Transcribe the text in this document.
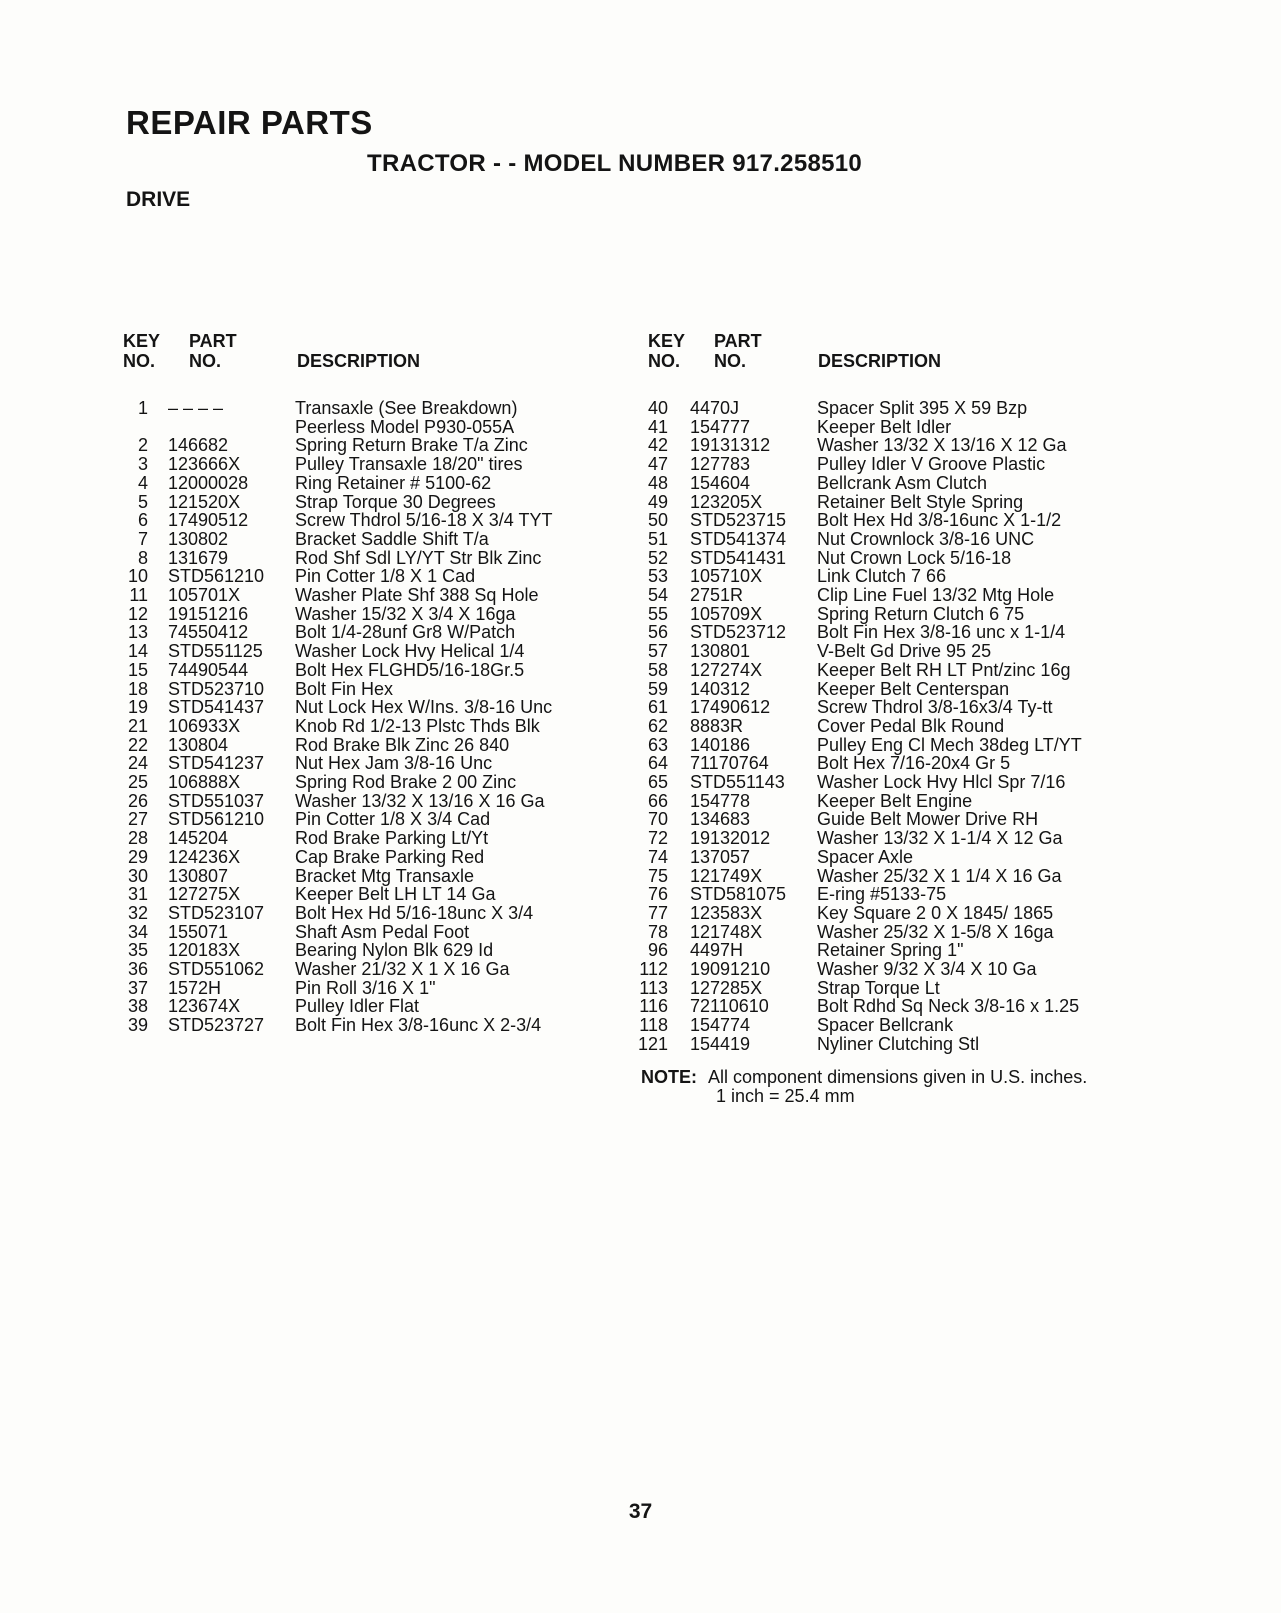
REPAIR PARTS
TRACTOR - - MODEL NUMBER 917.258510
DRIVE
KEY
NO.
PART
NO.	DESCRIPTION
KEY
NO.
PART
NO.	DESCRIPTION
1 – – – –	Transaxle (See Breakdown)
Peerless Model P930-055A
2 146682	Spring Return Brake T/a Zinc
3 123666X	Pulley Transaxle 18/20" tires
4 12000028	Ring Retainer # 5100-62
5 121520X	Strap Torque 30 Degrees
6 17490512	Screw Thdrol 5/16-18 X 3/4 TYT
7 130802	Bracket Saddle Shift T/a
8 131679	Rod Shf Sdl LY/YT Str Blk Zinc
10 STD561210 Pin Cotter 1/8 X 1 Cad
11 105701X	Washer Plate Shf 388 Sq Hole
12 19151216	Washer 15/32 X 3/4 X 16ga
13 74550412	Bolt 1/4-28unf Gr8 W/Patch
14 STD551125 Washer Lock Hvy Helical 1/4
15 74490544	Bolt Hex FLGHD5/16-18Gr.5
18 STD523710 Bolt Fin Hex
19 STD541437 Nut Lock Hex W/Ins. 3/8-16 Unc
21 106933X	Knob Rd 1/2-13 Plstc Thds Blk
22 130804	Rod Brake Blk Zinc 26 840
24 STD541237 Nut Hex Jam 3/8-16 Unc
25 106888X	Spring Rod Brake 2 00 Zinc
26 STD551037 Washer 13/32 X 13/16 X 16 Ga
27 STD561210 Pin Cotter 1/8 X 3/4 Cad
28 145204	Rod Brake Parking Lt/Yt
29 124236X	Cap Brake Parking Red
30 130807	Bracket Mtg Transaxle
31 127275X	Keeper Belt LH LT 14 Ga
32 STD523107 Bolt Hex Hd 5/16-18unc X 3/4
34 155071	Shaft Asm Pedal Foot
35 120183X	Bearing Nylon Blk 629 Id
36 STD551062 Washer 21/32 X 1 X 16 Ga
37 1572H	Pin Roll 3/16 X 1"
38 123674X	Pulley Idler Flat
39 STD523727 Bolt Fin Hex 3/8-16unc X 2-3/4
40 4470J	Spacer Split 395 X 59 Bzp
41 154777	Keeper Belt Idler
42 19131312	Washer 13/32 X 13/16 X 12 Ga
47 127783	Pulley Idler V Groove Plastic
48 154604	Bellcrank Asm Clutch
49 123205X	Retainer Belt Style Spring
50 STD523715 Bolt Hex Hd 3/8-16unc X 1-1/2
51 STD541374 Nut Crownlock 3/8-16 UNC
52 STD541431 Nut Crown Lock 5/16-18
53 105710X	Link Clutch 7 66
54 2751R	Clip Line Fuel 13/32 Mtg Hole
55 105709X	Spring Return Clutch 6 75
56 STD523712 Bolt Fin Hex 3/8-16 unc x 1-1/4
57 130801	V-Belt Gd Drive 95 25
58 127274X	Keeper Belt RH LT Pnt/zinc 16g
59 140312	Keeper Belt Centerspan
61 17490612	Screw Thdrol 3/8-16x3/4 Ty-tt
62 8883R	Cover Pedal Blk Round
63 140186	Pulley Eng Cl Mech 38deg LT/YT
64 71170764	Bolt Hex 7/16-20x4 Gr 5
65 STD551143 Washer Lock Hvy Hlcl Spr 7/16
66 154778	Keeper Belt Engine
70 134683	Guide Belt Mower Drive RH
72 19132012	Washer 13/32 X 1-1/4 X 12 Ga
74 137057	Spacer Axle
75 121749X	Washer 25/32 X 1 1/4 X 16 Ga
76 STD581075 E-ring #5133-75
77 123583X	Key Square 2 0 X 1845/ 1865
78 121748X	Washer 25/32 X 1-5/8 X 16ga
96 4497H	Retainer Spring 1"
112 19091210	Washer 9/32 X 3/4 X 10 Ga
113 127285X	Strap Torque Lt
116 72110610	Bolt Rdhd Sq Neck 3/8-16 x 1.25
118 154774	Spacer Bellcrank
121 154419	Nyliner Clutching Stl
NOTE: All component dimensions given in U.S. inches.
1 inch = 25.4 mm
37
